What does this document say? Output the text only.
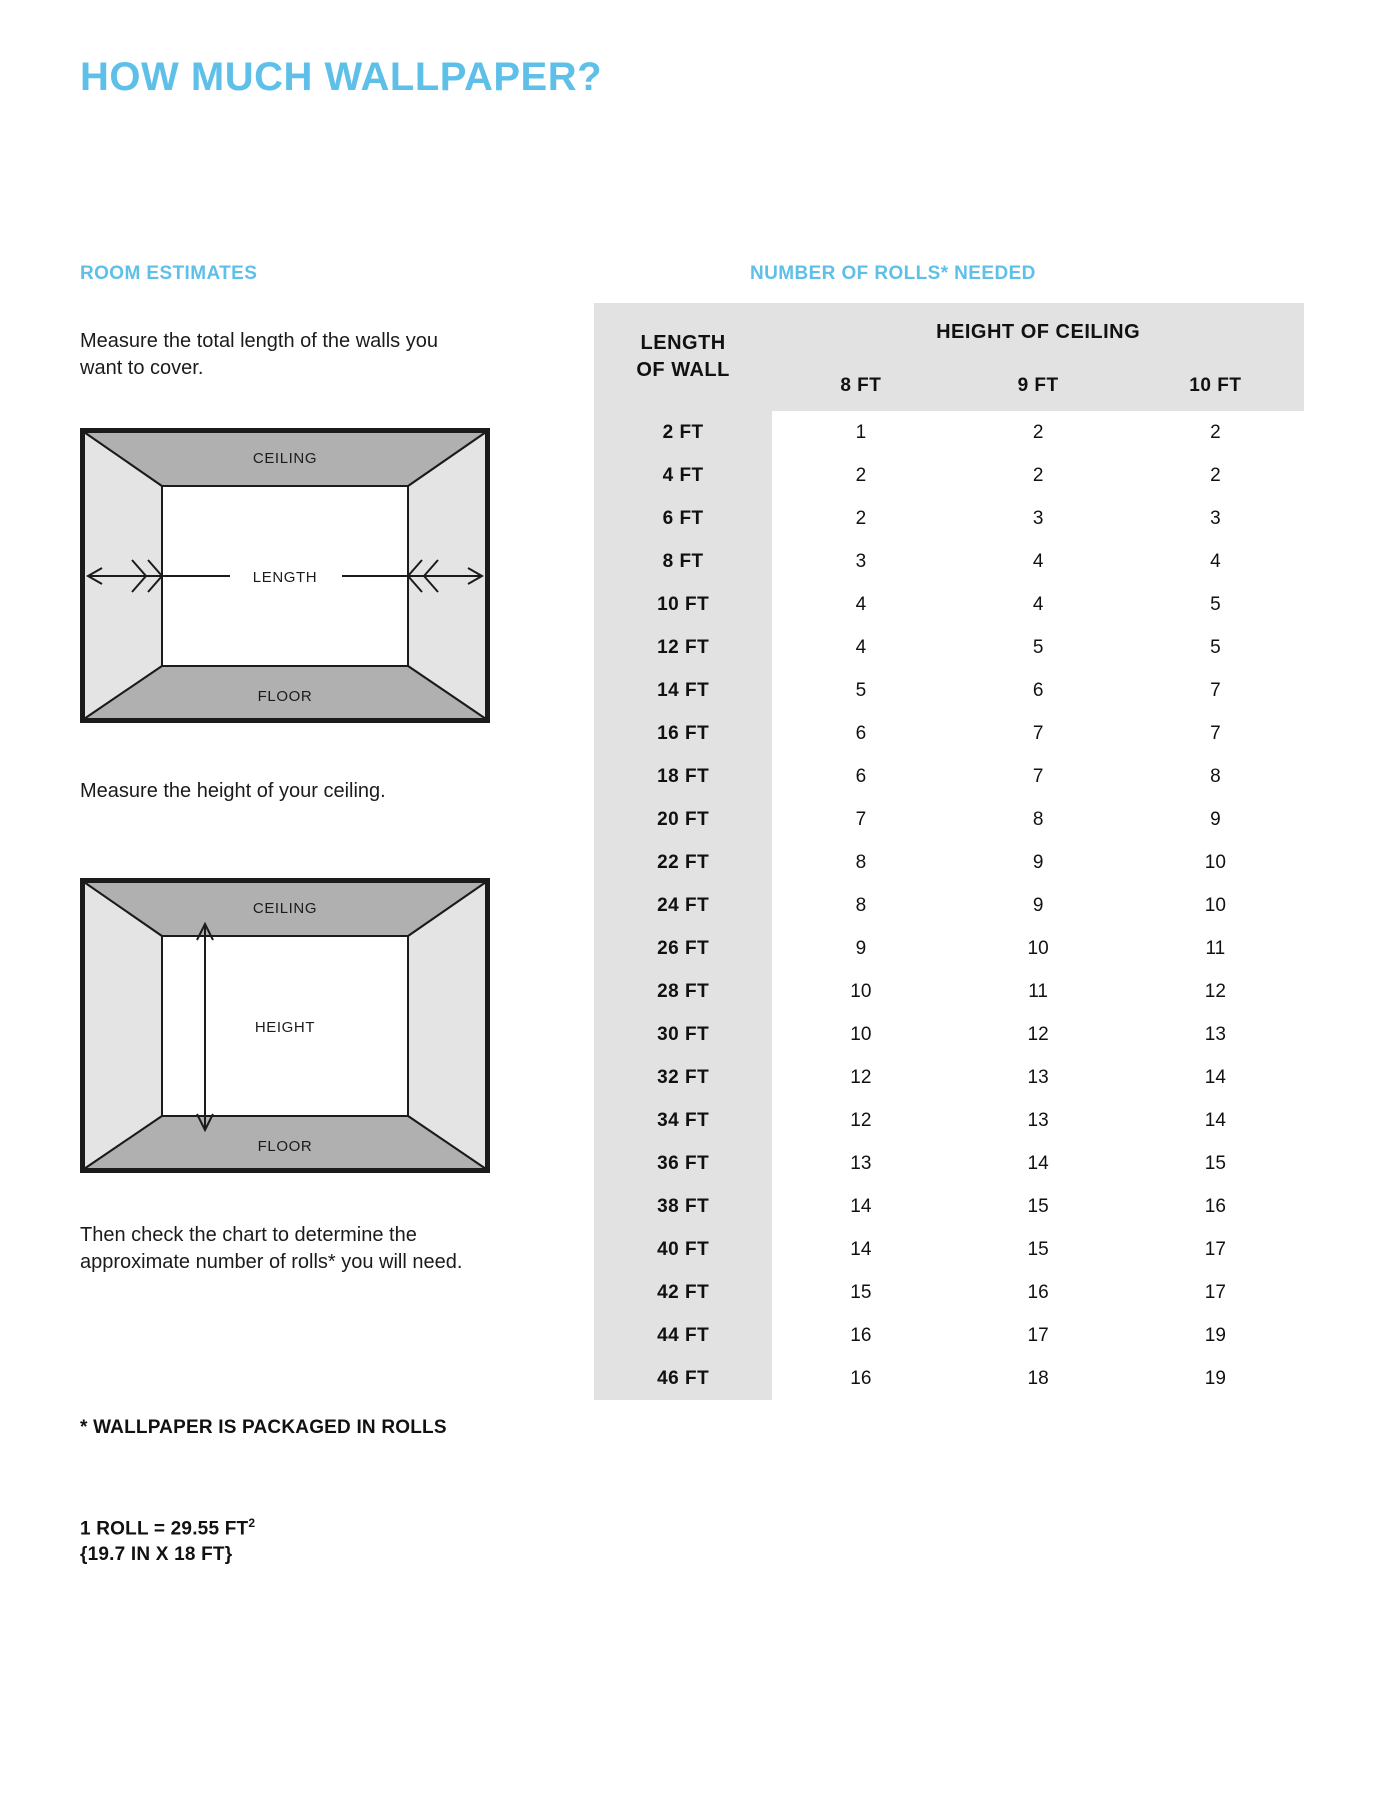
HOW MUCH WALLPAPER?
ROOM ESTIMATES
Measure the total length of the walls you want to cover.
LENGTH
CEILING
FLOOR
Measure the height of your ceiling.
HEIGHT
CEILING
FLOOR
Then check the chart to determine the approximate number of rolls* you will need.
* WALLPAPER IS PACKAGED IN ROLLS
1 ROLL = 29.55 $FT^2$
{19.7 IN X 18 FT}
NUMBER OF ROLLS* NEEDED
LENGTH
OF WALL	HEIGHT OF CEILING		
	8 FT	9 FT	10 FT
2 FT	1	2	2
4 FT	2	2	2
6 FT	2	3	3
8 FT	3	4	4
10 FT	4	4	5
12 FT	4	5	5
14 FT	5	6	7
16 FT	6	7	7
18 FT	6	7	8
20 FT	7	8	9
22 FT	8	9	10
24 FT	8	9	10
26 FT	9	10	11
28 FT	10	11	12
30 FT	10	12	13
32 FT	12	13	14
34 FT	12	13	14
36 FT	13	14	15
38 FT	14	15	16
40 FT	14	15	17
42 FT	15	16	17
44 FT	16	17	19
46 FT	16	18	19
